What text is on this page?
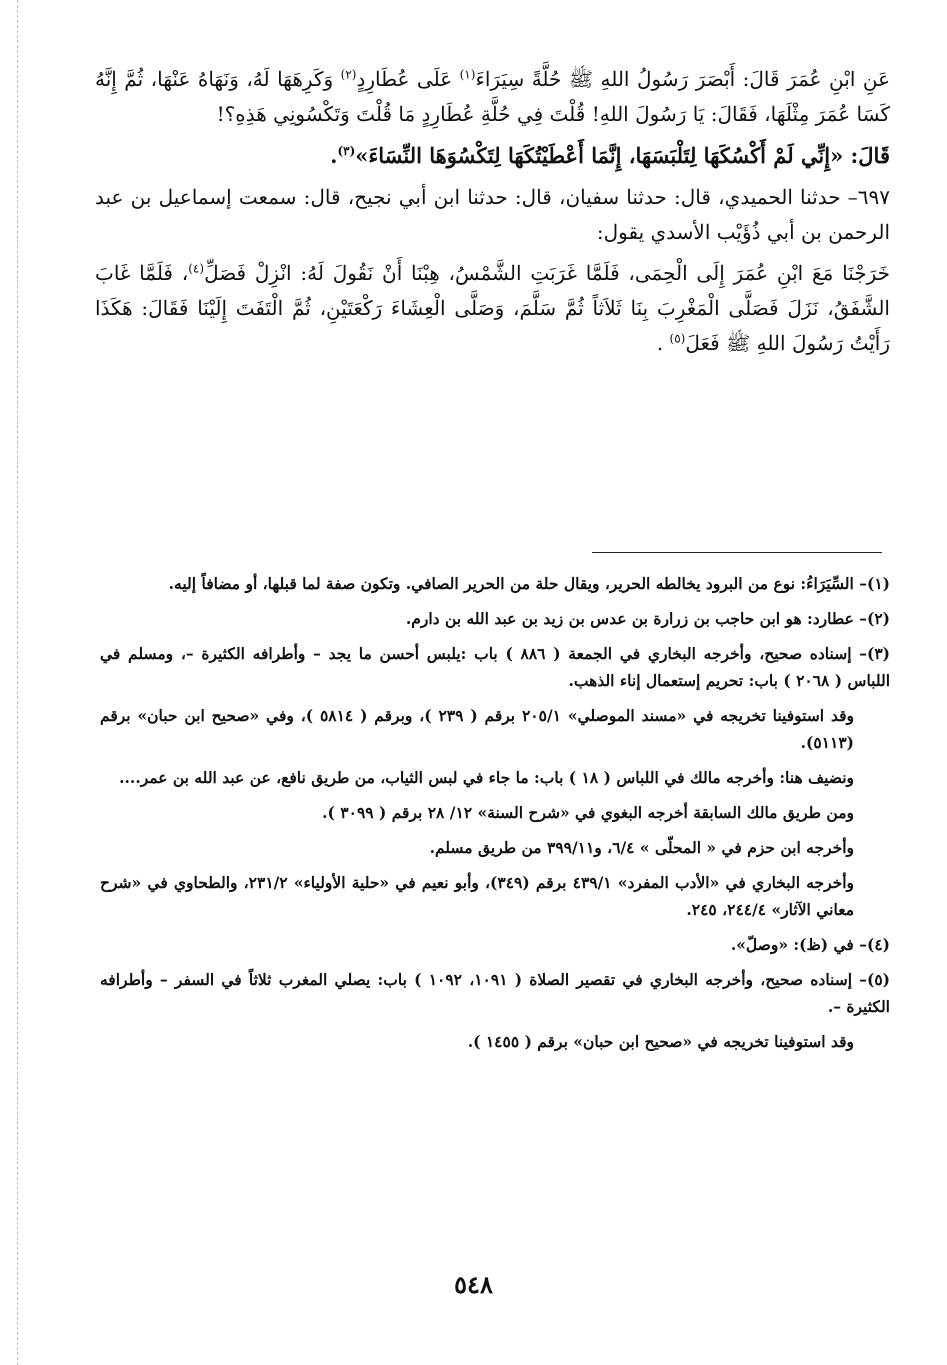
عَنِ ابْنِ عُمَرَ قَالَ: أَبْصَرَ رَسُولُ اللهِ ﷺ حُلَّةً سِيَرَاءَ$^{(١)}$ عَلَى عُطَارِدٍ$^{(٢)}$ وَكَرِهَهَا لَهُ، وَنَهَاهُ عَنْهَا، ثُمَّ إِنَّهُ كَسَا عُمَرَ مِثْلَهَا، فَقَالَ: يَا رَسُولَ اللهِ! قُلْتَ فِي حُلَّةِ عُطَارِدٍ مَا قُلْتَ وَتَكْسُونِي هَذِهِ؟!

قَالَ: «إِنِّي لَمْ أَكْسُكَهَا لِتَلْبَسَهَا، إِنَّمَا أَعْطَيْتُكَهَا لِتَكْسُوَهَا النِّسَاءَ»$^{(٣)}$.

٦٩٧– حدثنا الحميدي، قال: حدثنا سفيان، قال: حدثنا ابن أبي نجيح، قال: سمعت إسماعيل بن عبد الرحمن بن أبي ذُؤَيْب الأسدي يقول:

خَرَجْنَا مَعَ ابْنِ عُمَرَ إِلَى الْحِمَى، فَلَمَّا غَرَبَتِ الشَّمْسُ، هِبْنَا أَنْ نَقُولَ لَهُ: انْزِلْ فَصَلِّ$^{(٤)}$، فَلَمَّا غَابَ الشَّفَقُ، نَزَلَ فَصَلَّى الْمَغْرِبَ بِنَا ثَلاَثاً ثُمَّ سَلَّمَ، وَصَلَّى الْعِشَاءَ رَكْعَتَيْنِ، ثُمَّ الْتَفَتَ إِلَيْنَا فَقَالَ: هَكَذَا رَأَيْتُ رَسُولَ اللهِ ﷺ فَعَلَ$^{(٥)}$ .

(١)– السِّيَرَاءُ: نوع من البرود يخالطه الحرير، ويقال حلة من الحرير الصافي. وتكون صفة لما قبلها، أو مضافاً إليه.

(٢)– عطارد: هو ابن حاجب بن زرارة بن عدس بن زيد بن عبد الله بن دارم.

(٣)– إسناده صحيح، وأخرجه البخاري في الجمعة ( ٨٨٦ ) باب :يلبس أحسن ما يجد – وأطرافه الكثيرة –، ومسلم في اللباس ( ٢٠٦٨ ) باب: تحريم إستعمال إناء الذهب.

وقد استوفينا تخريجه في «مسند الموصلي» ٢٠٥/١ برقم ( ٢٣٩ )، وبرقم ( ٥٨١٤ )، وفي «صحيح ابن حبان» برقم (٥١١٣).

ونضيف هنا: وأخرجه مالك في اللباس ( ١٨ ) باب: ما جاء في لبس الثياب، من طريق نافع، عن عبد الله بن عمر....

ومن طريق مالك السابقة أخرجه البغوي في «شرح السنة» ١٢/ ٢٨ برقم ( ٣٠٩٩ ).

وأخرجه ابن حزم في « المحلّى » ٦/٤، و٣٩٩/١١ من طريق مسلم.

وأخرجه البخاري في «الأدب المفرد» ٤٣٩/١ برقم (٣٤٩)، وأبو نعيم في «حلية الأولياء» ٢٣١/٢، والطحاوي في «شرح معاني الآثار» ٢٤٤/٤، ٢٤٥.

(٤)– في (ظ): «وصلّ».

(٥)– إسناده صحيح، وأخرجه البخاري في تقصير الصلاة ( ١٠٩١، ١٠٩٢ ) باب: يصلي المغرب ثلاثاً في السفر – وأطرافه الكثيرة –.

وقد استوفينا تخريجه في «صحيح ابن حبان» برقم ( ١٤٥٥ ).

٥٤٨
